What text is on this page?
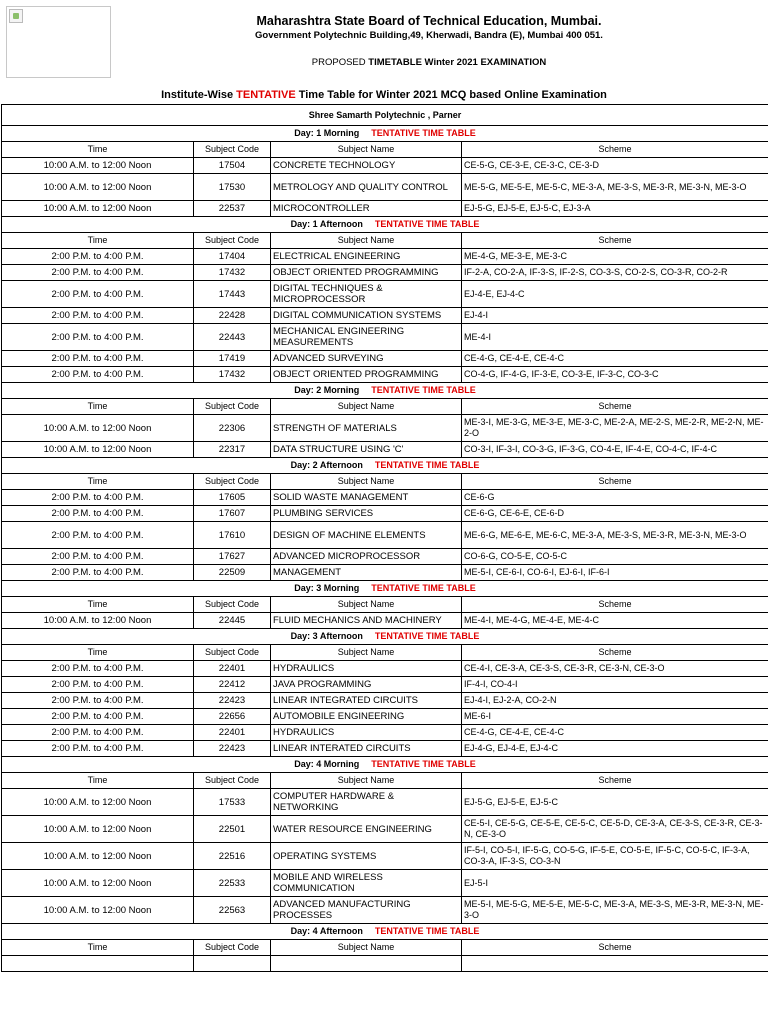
Maharashtra State Board of Technical Education, Mumbai.
Government Polytechnic Building,49, Kherwadi, Bandra (E), Mumbai 400 051.
PROPOSED TIMETABLE Winter 2021 EXAMINATION
Institute-Wise TENTATIVE Time Table for Winter 2021 MCQ based Online Examination
Shree Samarth Polytechnic , Parner			
Day: 1 Morning TENTATIVE TIME TABLE			
Time	Subject Code	Subject Name	Scheme
10:00 A.M. to 12:00 Noon	17504	CONCRETE TECHNOLOGY	CE-5-G, CE-3-E, CE-3-C, CE-3-D
10:00 A.M. to 12:00 Noon	17530	METROLOGY AND QUALITY CONTROL	ME-5-G, ME-5-E, ME-5-C, ME-3-A, ME-3-S, ME-3-R, ME-3-N, ME-3-O
10:00 A.M. to 12:00 Noon	22537	MICROCONTROLLER	EJ-5-G, EJ-5-E, EJ-5-C, EJ-3-A
Day: 1 Afternoon TENTATIVE TIME TABLE			
Time	Subject Code	Subject Name	Scheme
2:00 P.M. to 4:00 P.M.	17404	ELECTRICAL ENGINEERING	ME-4-G, ME-3-E, ME-3-C
2:00 P.M. to 4:00 P.M.	17432	OBJECT ORIENTED PROGRAMMING	IF-2-A, CO-2-A, IF-3-S, IF-2-S, CO-3-S, CO-2-S, CO-3-R, CO-2-R
2:00 P.M. to 4:00 P.M.	17443	DIGITAL TECHNIQUES & MICROPROCESSOR	EJ-4-E, EJ-4-C
2:00 P.M. to 4:00 P.M.	22428	DIGITAL COMMUNICATION SYSTEMS	EJ-4-I
2:00 P.M. to 4:00 P.M.	22443	MECHANICAL ENGINEERING MEASUREMENTS	ME-4-I
2:00 P.M. to 4:00 P.M.	17419	ADVANCED SURVEYING	CE-4-G, CE-4-E, CE-4-C
2:00 P.M. to 4:00 P.M.	17432	OBJECT ORIENTED PROGRAMMING	CO-4-G, IF-4-G, IF-3-E, CO-3-E, IF-3-C, CO-3-C
Day: 2 Morning TENTATIVE TIME TABLE			
Time	Subject Code	Subject Name	Scheme
10:00 A.M. to 12:00 Noon	22306	STRENGTH OF MATERIALS	ME-3-I, ME-3-G, ME-3-E, ME-3-C, ME-2-A, ME-2-S, ME-2-R, ME-2-N, ME-2-O
10:00 A.M. to 12:00 Noon	22317	DATA STRUCTURE USING 'C'	CO-3-I, IF-3-I, CO-3-G, IF-3-G, CO-4-E, IF-4-E, CO-4-C, IF-4-C
Day: 2 Afternoon TENTATIVE TIME TABLE			
Time	Subject Code	Subject Name	Scheme
2:00 P.M. to 4:00 P.M.	17605	SOLID WASTE MANAGEMENT	CE-6-G
2:00 P.M. to 4:00 P.M.	17607	PLUMBING SERVICES	CE-6-G, CE-6-E, CE-6-D
2:00 P.M. to 4:00 P.M.	17610	DESIGN OF MACHINE ELEMENTS	ME-6-G, ME-6-E, ME-6-C, ME-3-A, ME-3-S, ME-3-R, ME-3-N, ME-3-O
2:00 P.M. to 4:00 P.M.	17627	ADVANCED MICROPROCESSOR	CO-6-G, CO-5-E, CO-5-C
2:00 P.M. to 4:00 P.M.	22509	MANAGEMENT	ME-5-I, CE-6-I, CO-6-I, EJ-6-I, IF-6-I
Day: 3 Morning TENTATIVE TIME TABLE			
Time	Subject Code	Subject Name	Scheme
10:00 A.M. to 12:00 Noon	22445	FLUID MECHANICS AND MACHINERY	ME-4-I, ME-4-G, ME-4-E, ME-4-C
Day: 3 Afternoon TENTATIVE TIME TABLE			
Time	Subject Code	Subject Name	Scheme
2:00 P.M. to 4:00 P.M.	22401	HYDRAULICS	CE-4-I, CE-3-A, CE-3-S, CE-3-R, CE-3-N, CE-3-O
2:00 P.M. to 4:00 P.M.	22412	JAVA PROGRAMMING	IF-4-I, CO-4-I
2:00 P.M. to 4:00 P.M.	22423	LINEAR INTEGRATED CIRCUITS	EJ-4-I, EJ-2-A, CO-2-N
2:00 P.M. to 4:00 P.M.	22656	AUTOMOBILE ENGINEERING	ME-6-I
2:00 P.M. to 4:00 P.M.	22401	HYDRAULICS	CE-4-G, CE-4-E, CE-4-C
2:00 P.M. to 4:00 P.M.	22423	LINEAR INTERATED CIRCUITS	EJ-4-G, EJ-4-E, EJ-4-C
Day: 4 Morning TENTATIVE TIME TABLE			
Time	Subject Code	Subject Name	Scheme
10:00 A.M. to 12:00 Noon	17533	COMPUTER HARDWARE & NETWORKING	EJ-5-G, EJ-5-E, EJ-5-C
10:00 A.M. to 12:00 Noon	22501	WATER RESOURCE ENGINEERING	CE-5-I, CE-5-G, CE-5-E, CE-5-C, CE-5-D, CE-3-A, CE-3-S, CE-3-R, CE-3-N, CE-3-O
10:00 A.M. to 12:00 Noon	22516	OPERATING SYSTEMS	IF-5-I, CO-5-I, IF-5-G, CO-5-G, IF-5-E, CO-5-E, IF-5-C, CO-5-C, IF-3-A, CO-3-A, IF-3-S, CO-3-N
10:00 A.M. to 12:00 Noon	22533	MOBILE AND WIRELESS COMMUNICATION	EJ-5-I
10:00 A.M. to 12:00 Noon	22563	ADVANCED MANUFACTURING PROCESSES	ME-5-I, ME-5-G, ME-5-E, ME-5-C, ME-3-A, ME-3-S, ME-3-R, ME-3-N, ME-3-O
Day: 4 Afternoon TENTATIVE TIME TABLE			
Time	Subject Code	Subject Name	Scheme
